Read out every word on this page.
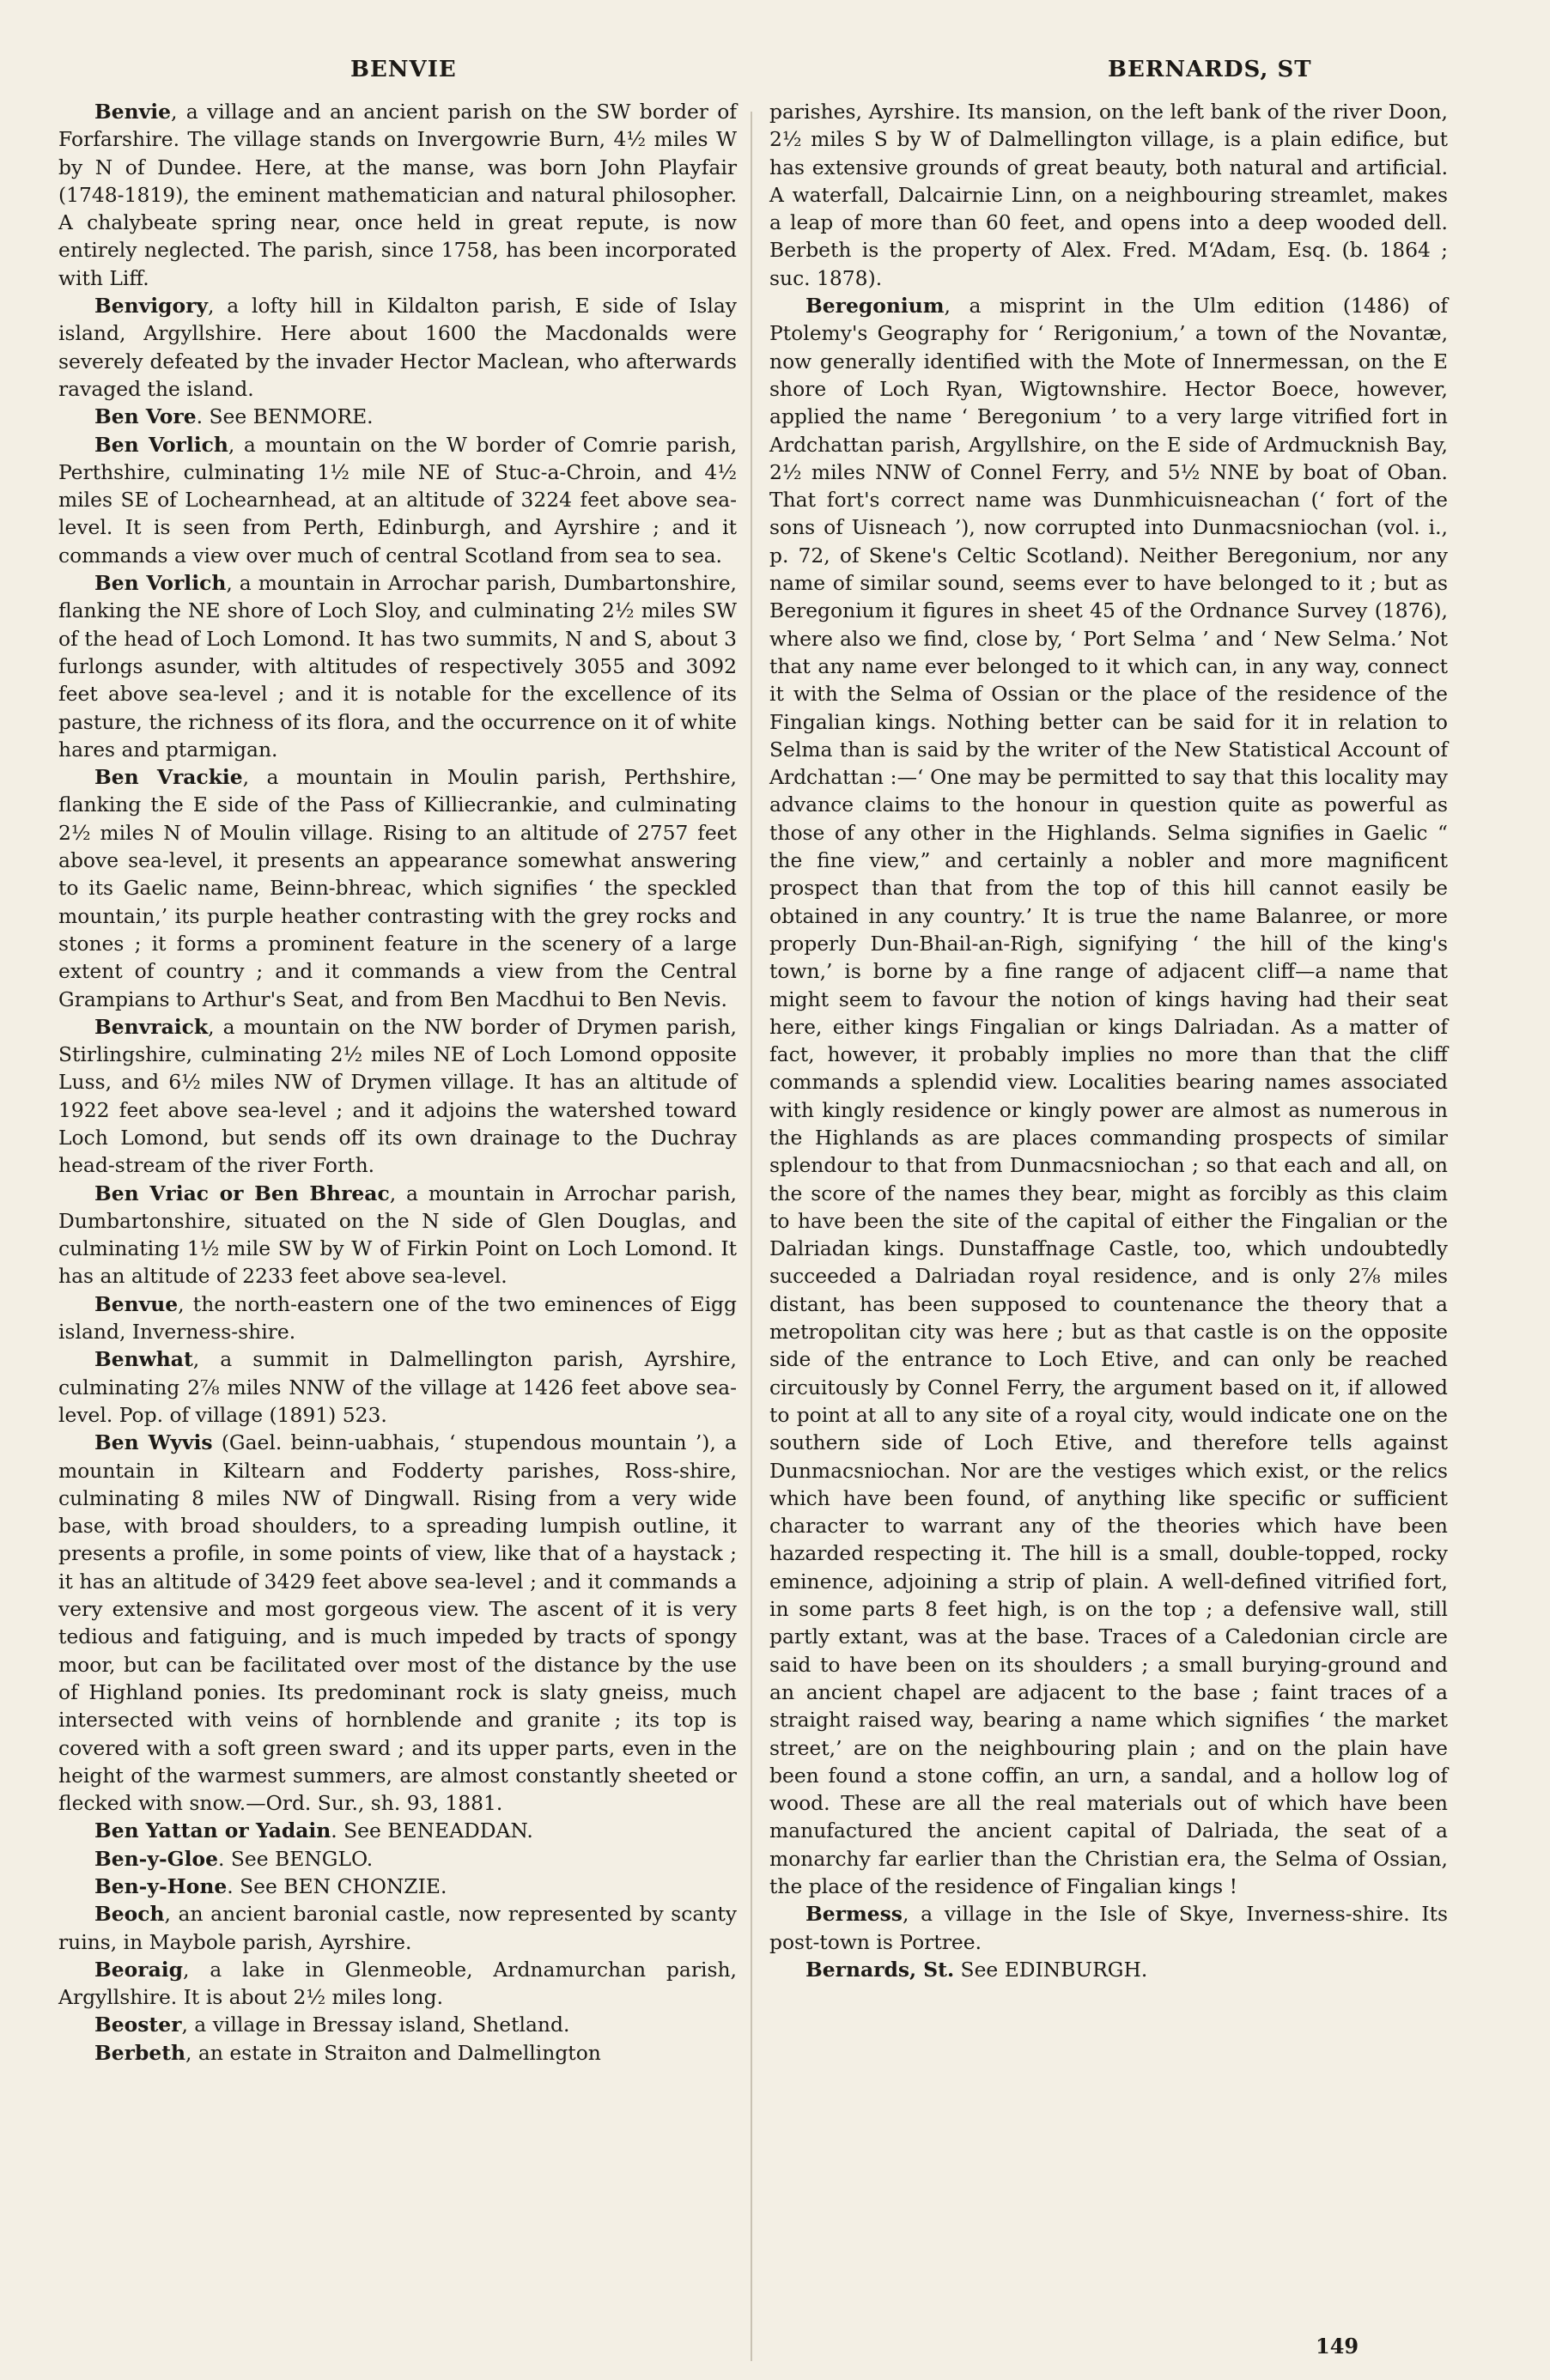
BENVIE	BERNARDS, ST

Benvie, a village and an ancient parish on the SW border of Forfarshire. The village stands on Invergowrie Burn, 4½ miles W by N of Dundee. Here, at the manse, was born John Playfair (1748-1819), the eminent mathematician and natural philosopher. A chalybeate spring near, once held in great repute, is now entirely neglected. The parish, since 1758, has been incorporated with Liff.

Benvigory, a lofty hill in Kildalton parish, E side of Islay island, Argyllshire. Here about 1600 the Macdonalds were severely defeated by the invader Hector Maclean, who afterwards ravaged the island.

Ben Vore. See BENMORE.

Ben Vorlich, a mountain on the W border of Comrie parish, Perthshire, culminating 1½ mile NE of Stuc-a-Chroin, and 4½ miles SE of Lochearnhead, at an altitude of 3224 feet above sea-level. It is seen from Perth, Edinburgh, and Ayrshire ; and it commands a view over much of central Scotland from sea to sea.

Ben Vorlich, a mountain in Arrochar parish, Dumbartonshire, flanking the NE shore of Loch Sloy, and culminating 2½ miles SW of the head of Loch Lomond. It has two summits, N and S, about 3 furlongs asunder, with altitudes of respectively 3055 and 3092 feet above sea-level ; and it is notable for the excellence of its pasture, the richness of its flora, and the occurrence on it of white hares and ptarmigan.

Ben Vrackie, a mountain in Moulin parish, Perthshire, flanking the E side of the Pass of Killiecrankie, and culminating 2½ miles N of Moulin village. Rising to an altitude of 2757 feet above sea-level, it presents an appearance somewhat answering to its Gaelic name, Beinn-bhreac, which signifies ‘ the speckled mountain,’ its purple heather contrasting with the grey rocks and stones ; it forms a prominent feature in the scenery of a large extent of country ; and it commands a view from the Central Grampians to Arthur's Seat, and from Ben Macdhui to Ben Nevis.

Benvraick, a mountain on the NW border of Drymen parish, Stirlingshire, culminating 2½ miles NE of Loch Lomond opposite Luss, and 6½ miles NW of Drymen village. It has an altitude of 1922 feet above sea-level ; and it adjoins the watershed toward Loch Lomond, but sends off its own drainage to the Duchray head-stream of the river Forth.

Ben Vriac or Ben Bhreac, a mountain in Arrochar parish, Dumbartonshire, situated on the N side of Glen Douglas, and culminating 1½ mile SW by W of Firkin Point on Loch Lomond. It has an altitude of 2233 feet above sea-level.

Benvue, the north-eastern one of the two eminences of Eigg island, Inverness-shire.

Benwhat, a summit in Dalmellington parish, Ayrshire, culminating 2⅞ miles NNW of the village at 1426 feet above sea-level. Pop. of village (1891) 523.

Ben Wyvis (Gael. beinn-uabhais, ‘ stupendous mountain ’), a mountain in Kiltearn and Fodderty parishes, Ross-shire, culminating 8 miles NW of Dingwall. Rising from a very wide base, with broad shoulders, to a spreading lumpish outline, it presents a profile, in some points of view, like that of a haystack ; it has an altitude of 3429 feet above sea-level ; and it commands a very extensive and most gorgeous view. The ascent of it is very tedious and fatiguing, and is much impeded by tracts of spongy moor, but can be facilitated over most of the distance by the use of Highland ponies. Its predominant rock is slaty gneiss, much intersected with veins of hornblende and granite ; its top is covered with a soft green sward ; and its upper parts, even in the height of the warmest summers, are almost constantly sheeted or flecked with snow.—Ord. Sur., sh. 93, 1881.

Ben Yattan or Yadain. See BENEADDAN.

Ben-y-Gloe. See BENGLO.

Ben-y-Hone. See BEN CHONZIE.

Beoch, an ancient baronial castle, now represented by scanty ruins, in Maybole parish, Ayrshire.

Beoraig, a lake in Glenmeoble, Ardnamurchan parish, Argyllshire. It is about 2½ miles long.

Beoster, a village in Bressay island, Shetland.

Berbeth, an estate in Straiton and Dalmellington

parishes, Ayrshire. Its mansion, on the left bank of the river Doon, 2½ miles S by W of Dalmellington village, is a plain edifice, but has extensive grounds of great beauty, both natural and artificial. A waterfall, Dalcairnie Linn, on a neighbouring streamlet, makes a leap of more than 60 feet, and opens into a deep wooded dell. Berbeth is the property of Alex. Fred. M‘Adam, Esq. (b. 1864 ; suc. 1878).

Beregonium, a misprint in the Ulm edition (1486) of Ptolemy's Geography for ‘ Rerigonium,’ a town of the Novantæ, now generally identified with the Mote of Innermessan, on the E shore of Loch Ryan, Wigtownshire. Hector Boece, however, applied the name ‘ Beregonium ’ to a very large vitrified fort in Ardchattan parish, Argyllshire, on the E side of Ardmucknish Bay, 2½ miles NNW of Connel Ferry, and 5½ NNE by boat of Oban. That fort's correct name was Dunmhicuisneachan (‘ fort of the sons of Uisneach ’), now corrupted into Dunmacsniochan (vol. i., p. 72, of Skene's Celtic Scotland). Neither Beregonium, nor any name of similar sound, seems ever to have belonged to it ; but as Beregonium it figures in sheet 45 of the Ordnance Survey (1876), where also we find, close by, ‘ Port Selma ’ and ‘ New Selma.’ Not that any name ever belonged to it which can, in any way, connect it with the Selma of Ossian or the place of the residence of the Fingalian kings. Nothing better can be said for it in relation to Selma than is said by the writer of the New Statistical Account of Ardchattan :—‘ One may be permitted to say that this locality may advance claims to the honour in question quite as powerful as those of any other in the Highlands. Selma signifies in Gaelic “ the fine view,” and certainly a nobler and more magnificent prospect than that from the top of this hill cannot easily be obtained in any country.’ It is true the name Balanree, or more properly Dun-Bhail-an-Righ, signifying ‘ the hill of the king's town,’ is borne by a fine range of adjacent cliff—a name that might seem to favour the notion of kings having had their seat here, either kings Fingalian or kings Dalriadan. As a matter of fact, however, it probably implies no more than that the cliff commands a splendid view. Localities bearing names associated with kingly residence or kingly power are almost as numerous in the Highlands as are places commanding prospects of similar splendour to that from Dunmacsniochan ; so that each and all, on the score of the names they bear, might as forcibly as this claim to have been the site of the capital of either the Fingalian or the Dalriadan kings. Dunstaffnage Castle, too, which undoubtedly succeeded a Dalriadan royal residence, and is only 2⅞ miles distant, has been supposed to countenance the theory that a metropolitan city was here ; but as that castle is on the opposite side of the entrance to Loch Etive, and can only be reached circuitously by Connel Ferry, the argument based on it, if allowed to point at all to any site of a royal city, would indicate one on the southern side of Loch Etive, and therefore tells against Dunmacsniochan. Nor are the vestiges which exist, or the relics which have been found, of anything like specific or sufficient character to warrant any of the theories which have been hazarded respecting it. The hill is a small, double-topped, rocky eminence, adjoining a strip of plain. A well-defined vitrified fort, in some parts 8 feet high, is on the top ; a defensive wall, still partly extant, was at the base. Traces of a Caledonian circle are said to have been on its shoulders ; a small burying-ground and an ancient chapel are adjacent to the base ; faint traces of a straight raised way, bearing a name which signifies ‘ the market street,’ are on the neighbouring plain ; and on the plain have been found a stone coffin, an urn, a sandal, and a hollow log of wood. These are all the real materials out of which have been manufactured the ancient capital of Dalriada, the seat of a monarchy far earlier than the Christian era, the Selma of Ossian, the place of the residence of Fingalian kings !

Bermess, a village in the Isle of Skye, Inverness-shire. Its post-town is Portree.

Bernards, St. See EDINBURGH.

149
